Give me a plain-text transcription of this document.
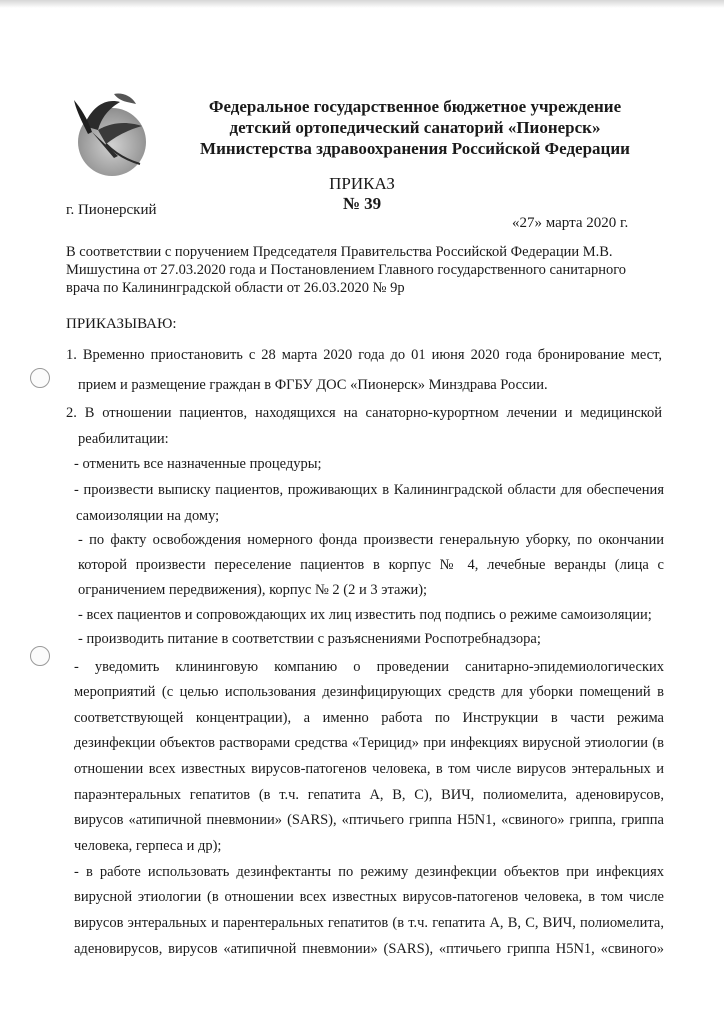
Федеральное государственное бюджетное учреждение
детский ортопедический санаторий «Пионерск»
Министерства здравоохранения Российской Федерации
ПРИКАЗ
№ 39
г. Пионерский
«27» марта 2020 г.
В соответствии с поручением Председателя Правительства Российской Федерации М.В.
Мишустина от 27.03.2020 года и Постановлением Главного государственного санитарного
врача по Калининградской области от 26.03.2020 № 9р
ПРИКАЗЫВАЮ:
1. Временно приостановить с 28 марта 2020 года до 01 июня 2020 года бронирование мест,
прием и размещение граждан в ФГБУ ДОС «Пионерск» Минздрава России.
2. В отношении пациентов, находящихся на санаторно-курортном лечении и медицинской
реабилитации:
- отменить все назначенные процедуры;
- произвести выписку пациентов, проживающих в Калининградской области для обеспечения
самоизоляции на дому;
- по факту освобождения номерного фонда произвести генеральную уборку, по окончании
которой произвести переселение пациентов в корпус № 4, лечебные веранды (лица с
ограничением передвижения), корпус № 2 (2 и 3 этажи);
- всех пациентов и сопровождающих их лиц известить под подпись о режиме самоизоляции;
- производить питание в соответствии с разъяснениями Роспотребнадзора;
- уведомить клининговую компанию о проведении санитарно-эпидемиологических
мероприятий (с целью использования дезинфицирующих средств для уборки помещений в
соответствующей концентрации), а именно работа по Инструкции в части режима
дезинфекции объектов растворами средства «Терицид» при инфекциях вирусной этиологии (в
отношении всех известных вирусов-патогенов человека, в том числе вирусов энтеральных и
параэнтеральных гепатитов (в т.ч. гепатита А, В, С), ВИЧ, полиомелита, аденовирусов,
вирусов «атипичной пневмонии» (SARS), «птичьего гриппа H5N1, «свиного» гриппа, гриппа
человека, герпеса и др);
- в работе использовать дезинфектанты по режиму дезинфекции объектов при инфекциях
вирусной этиологии (в отношении всех известных вирусов-патогенов человека, в том числе
вирусов энтеральных и парентеральных гепатитов (в т.ч. гепатита А, В, С, ВИЧ, полиомелита,
аденовирусов, вирусов «атипичной пневмонии» (SARS), «птичьего гриппа H5N1, «свиного»
